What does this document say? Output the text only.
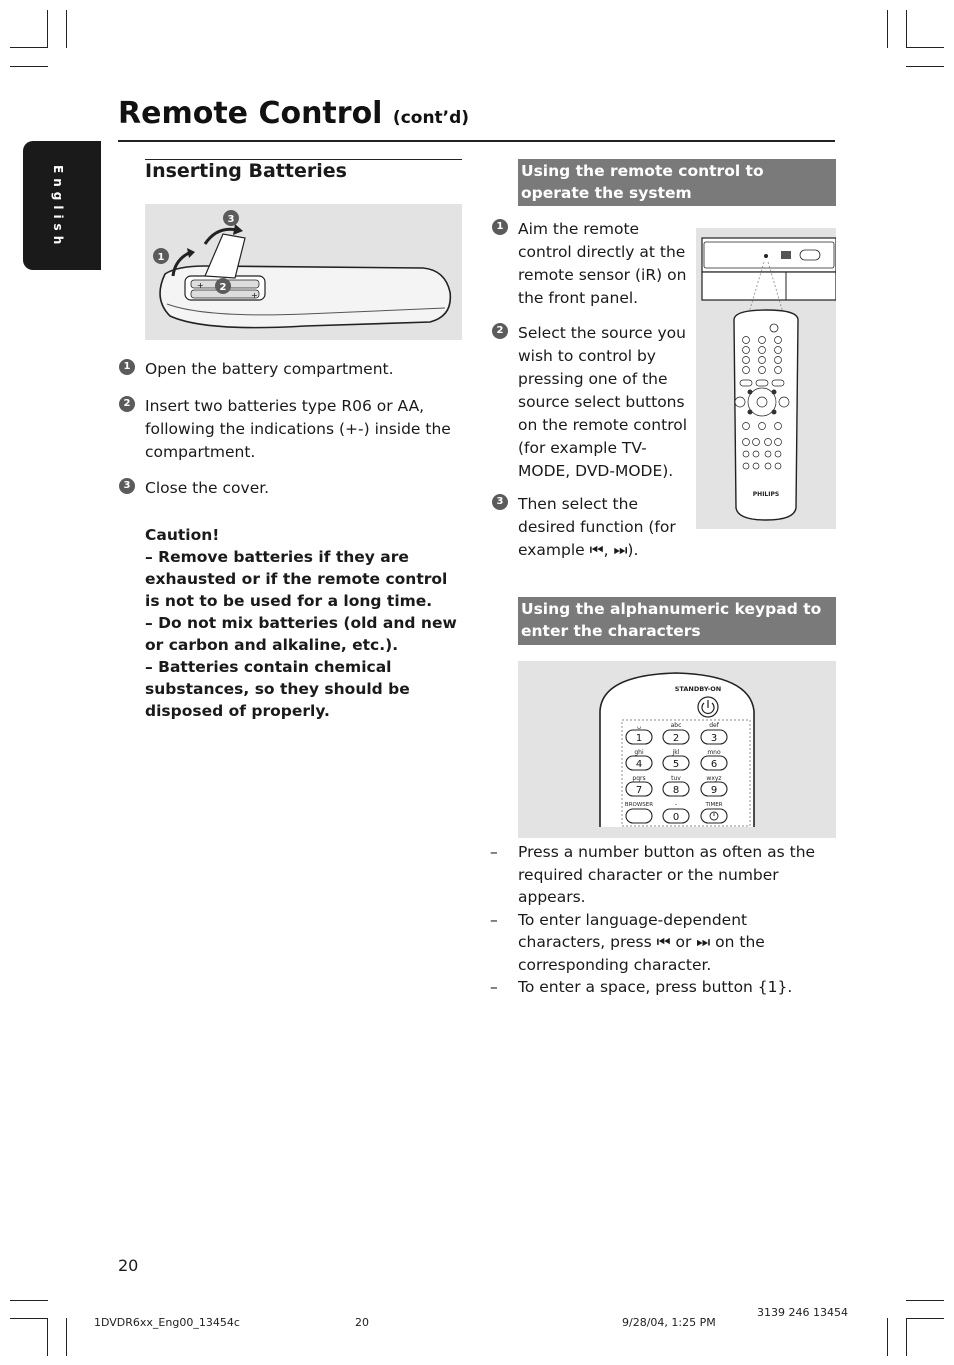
Remote Control (cont’d)
English	Inserting Batteries
+
+
1
2
3
1 Open the battery compartment.

2 Insert two batteries type R06 or AA, following the indications (+-) inside the compartment.

3 Close the cover.

Caution!
– Remove batteries if they are exhausted or if the remote control is not to be used for a long time.
– Do not mix batteries (old and new or carbon and alkaline, etc.).
– Batteries contain chemical substances, so they should be disposed of properly.
Using the remote control to operate the system
PHILIPS
1 Aim the remote control directly at the remote sensor (iR) on the front panel.

2 Select the source you wish to control by pressing one of the source select buttons on the remote control (for example TV-MODE, DVD-MODE).

3 Then select the desired function (for example ⏮, ⏭).

Using the alphanumeric keypad to enter the characters
STANDBY-ON
␣	abc	def
ghi	jkl	mno
pqrs	tuv	wxyz
BROWSER	-	TIMER
1	2	3
4	5	6
7	8	9
0
– Press a number button as often as the required character or the number appears.
– To enter language-dependent characters, press ⏮ or ⏭ on the corresponding character.
– To enter a space, press button {1}.
20
1DVDR6xx_Eng00_13454c	20	9/28/04, 1:25 PM
3139 246 13454
